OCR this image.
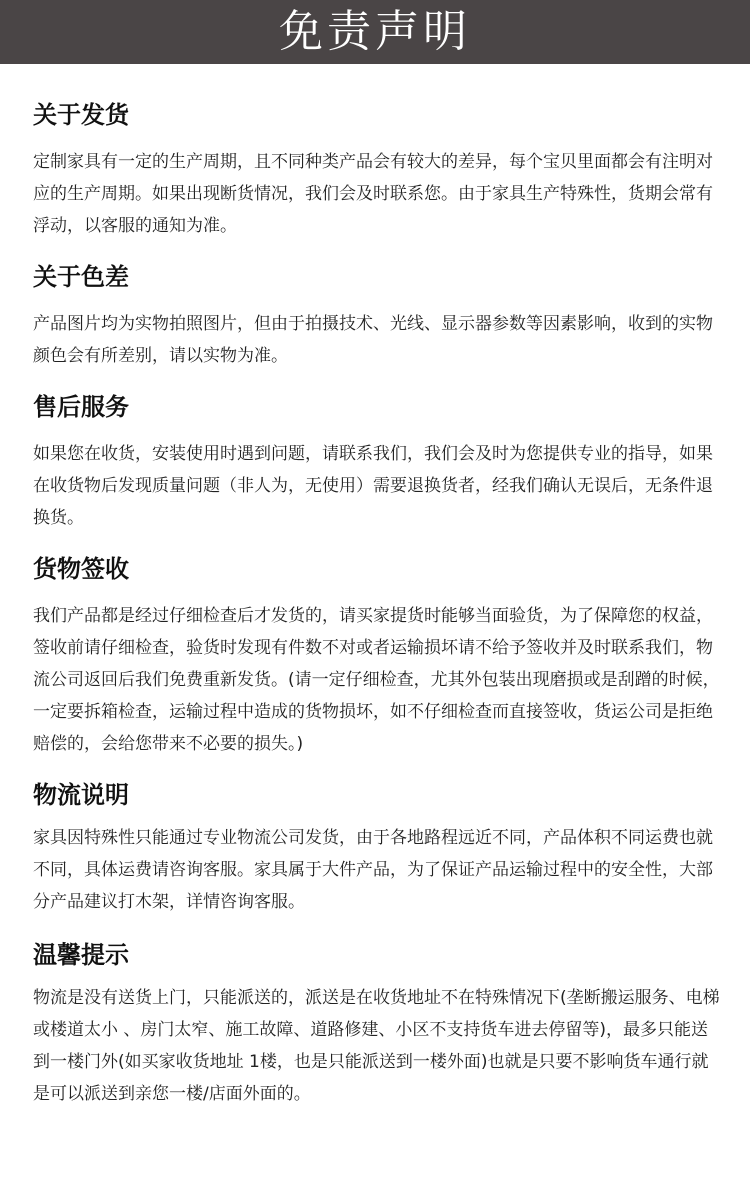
免责声明
关于发货

定制家具有一定的生产周期，且不同种类产品会有较大的差异，每个宝贝里面都会有注明对应的生产周期。如果出现断货情况，我们会及时联系您。由于家具生产特殊性，货期会常有浮动，以客服的通知为准。

关于色差

产品图片均为实物拍照图片，但由于拍摄技术、光线、显示器参数等因素影响，收到的实物颜色会有所差别，请以实物为准。

售后服务

如果您在收货，安装使用时遇到问题，请联系我们，我们会及时为您提供专业的指导，如果在收货物后发现质量问题（非人为，无使用）需要退换货者，经我们确认无误后，无条件退换货。

货物签收

我们产品都是经过仔细检查后才发货的，请买家提货时能够当面验货，为了保障您的权益，签收前请仔细检查，验货时发现有件数不对或者运输损坏请不给予签收并及时联系我们，物流公司返回后我们免费重新发货。(请一定仔细检查，尤其外包装出现磨损或是刮蹭的时候，一定要拆箱检查，运输过程中造成的货物损坏，如不仔细检查而直接签收，货运公司是拒绝赔偿的，会给您带来不必要的损失。)

物流说明

家具因特殊性只能通过专业物流公司发货，由于各地路程远近不同，产品体积不同运费也就不同，具体运费请咨询客服。家具属于大件产品，为了保证产品运输过程中的安全性，大部分产品建议打木架，详情咨询客服。

温馨提示

物流是没有送货上门，只能派送的，派送是在收货地址不在特殊情况下(垄断搬运服务、电梯或楼道太小 、房门太窄、施工故障、道路修建、小区不支持货车进去停留等)，最多只能送到一楼门外(如买家收货地址 1楼，也是只能派送到一楼外面)也就是只要不影响货车通行就是可以派送到亲您一楼/店面外面的。
